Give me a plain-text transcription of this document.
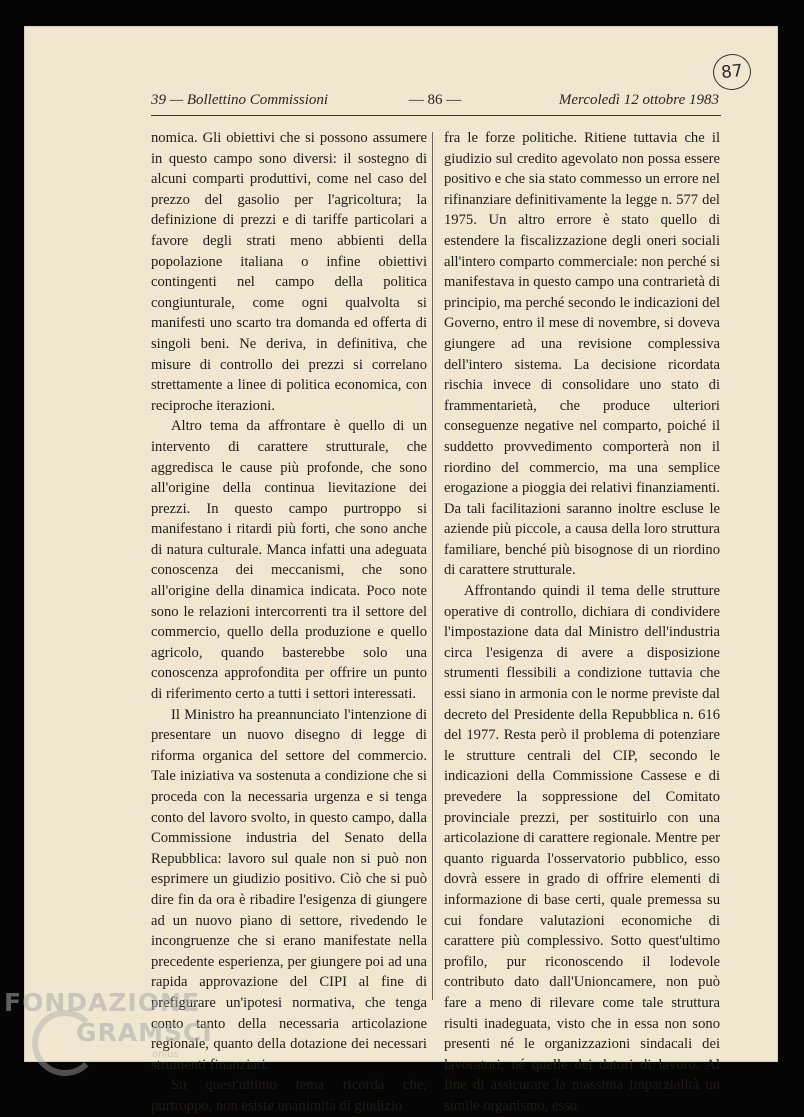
87
39 — Bollettino Commissioni	— 86 —	Mercoledì 12 ottobre 1983

nomica. Gli obiettivi che si possono assumere in questo campo sono diversi: il sostegno di alcuni comparti produttivi, come nel caso del prezzo del gasolio per l'agricoltura; la definizione di prezzi e di tariffe particolari a favore degli strati meno abbienti della popolazione italiana o infine obiettivi contingenti nel campo della politica congiunturale, come ogni qualvolta si manifesti uno scarto tra domanda ed offerta di singoli beni. Ne deriva, in definitiva, che misure di controllo dei prezzi si correlano strettamente a linee di politica economica, con reciproche iterazioni.

Altro tema da affrontare è quello di un intervento di carattere strutturale, che aggredisca le cause più profonde, che sono all'origine della continua lievitazione dei prezzi. In questo campo purtroppo si manifestano i ritardi più forti, che sono anche di natura culturale. Manca infatti una adeguata conoscenza dei meccanismi, che sono all'origine della dinamica indicata. Poco note sono le relazioni intercorrenti tra il settore del commercio, quello della produzione e quello agricolo, quando basterebbe solo una conoscenza approfondita per offrire un punto di riferimento certo a tutti i settori interessati.

Il Ministro ha preannunciato l'intenzione di presentare un nuovo disegno di legge di riforma organica del settore del commercio. Tale iniziativa va sostenuta a condizione che si proceda con la necessaria urgenza e si tenga conto del lavoro svolto, in questo campo, dalla Commissione industria del Senato della Repubblica: lavoro sul quale non si può non esprimere un giudizio positivo. Ciò che si può dire fin da ora è ribadire l'esigenza di giungere ad un nuovo piano di settore, rivedendo le incongruenze che si erano manifestate nella precedente esperienza, per giungere poi ad una rapida approvazione del CIPI al fine di prefigurare un'ipotesi normativa, che tenga conto tanto della necessaria articolazione regionale, quanto della dotazione dei necessari strumenti finanziari.

Su quest'ultimo tema ricorda che, purtroppo, non esiste unanimità di giudizio

fra le forze politiche. Ritiene tuttavia che il giudizio sul credito agevolato non possa essere positivo e che sia stato commesso un errore nel rifinanziare definitivamente la legge n. 577 del 1975. Un altro errore è stato quello di estendere la fiscalizzazione degli oneri sociali all'intero comparto commerciale: non perché si manifestava in questo campo una contrarietà di principio, ma perché secondo le indicazioni del Governo, entro il mese di novembre, si doveva giungere ad una revisione complessiva dell'intero sistema. La decisione ricordata rischia invece di consolidare uno stato di frammentarietà, che produce ulteriori conseguenze negative nel comparto, poiché il suddetto provvedimento comporterà non il riordino del commercio, ma una semplice erogazione a pioggia dei relativi finanziamenti. Da tali facilitazioni saranno inoltre escluse le aziende più piccole, a causa della loro struttura familiare, benché più bisognose di un riordino di carattere strutturale.

Affrontando quindi il tema delle strutture operative di controllo, dichiara di condividere l'impostazione data dal Ministro dell'industria circa l'esigenza di avere a disposizione strumenti flessibili a condizione tuttavia che essi siano in armonia con le norme previste dal decreto del Presidente della Repubblica n. 616 del 1977. Resta però il problema di potenziare le strutture centrali del CIP, secondo le indicazioni della Commissione Cassese e di prevedere la soppressione del Comitato provinciale prezzi, per sostituirlo con una articolazione di carattere regionale. Mentre per quanto riguarda l'osservatorio pubblico, esso dovrà essere in grado di offrire elementi di informazione di base certi, quale premessa su cui fondare valutazioni economiche di carattere più complessivo. Sotto quest'ultimo profilo, pur riconoscendo il lodevole contributo dato dall'Unioncamere, non può fare a meno di rilevare come tale struttura risulti inadeguata, visto che in essa non sono presenti né le organizzazioni sindacali dei lavoratori, né quelle dei datori di lavoro. Al fine di assicurare la massima imparzialità un simile organismo, esso

FONDAZIONE
GRAMSCI
onlus
